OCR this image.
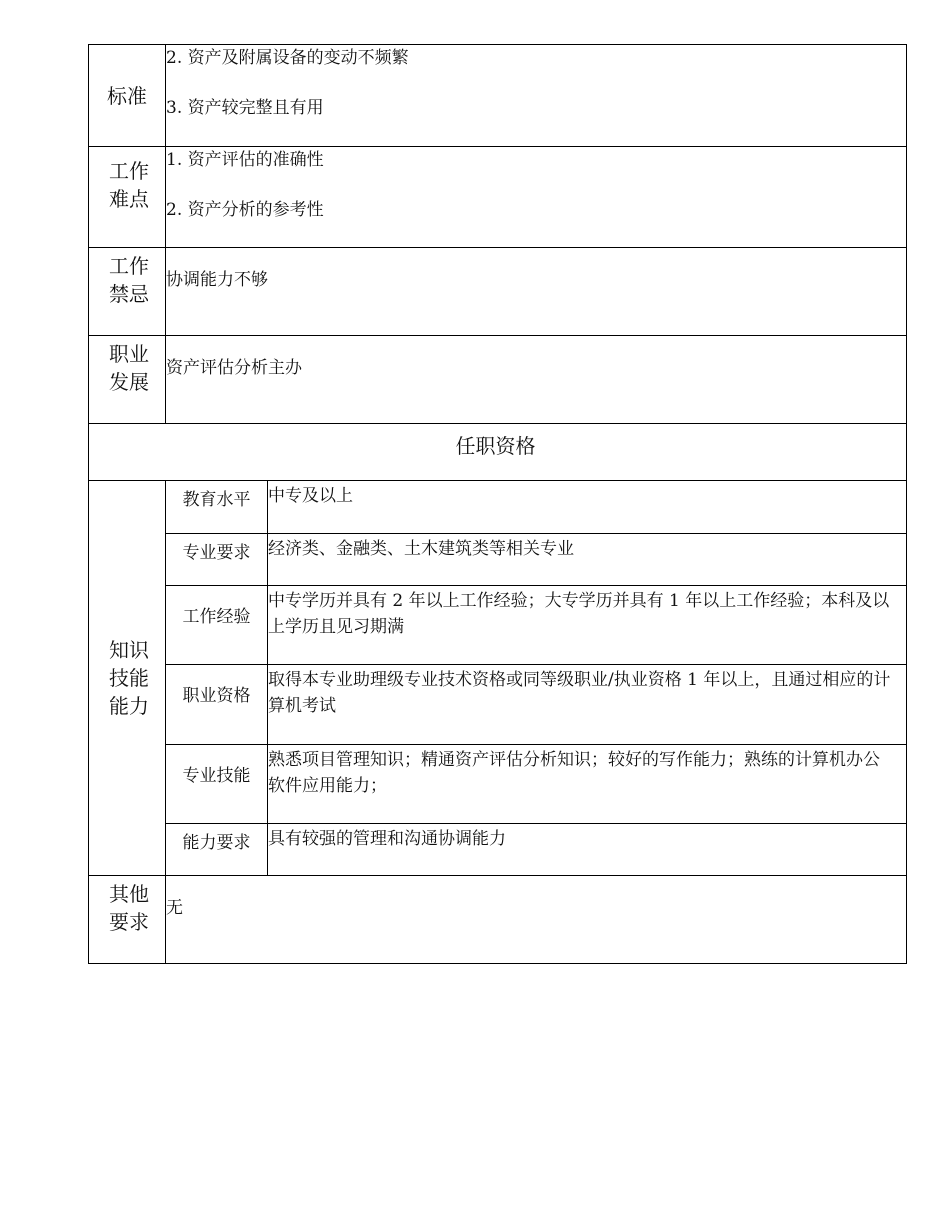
标准	2. 资产及附属设备的变动不频繁

3. 资产较完整且有用	

工作难点	1. 资产评估的准确性

2. 资产分析的参考性	

工作禁忌	协调能力不够	

职业发展	资产评估分析主办	

任职资格		
知识技能能力	教育水平	中专及以上
	专业要求	经济类、金融类、土木建筑类等相关专业
	工作经验	中专学历并具有 2 年以上工作经验；大专学历并具有 1 年以上工作经验；本科及以上学历且见习期满
	职业资格	取得本专业助理级专业技术资格或同等级职业/执业资格 1 年以上，且通过相应的计算机考试
	专业技能	熟悉项目管理知识；精通资产评估分析知识；较好的写作能力；熟练的计算机办公软件应用能力；
	能力要求	具有较强的管理和沟通协调能力
其他要求	无	
